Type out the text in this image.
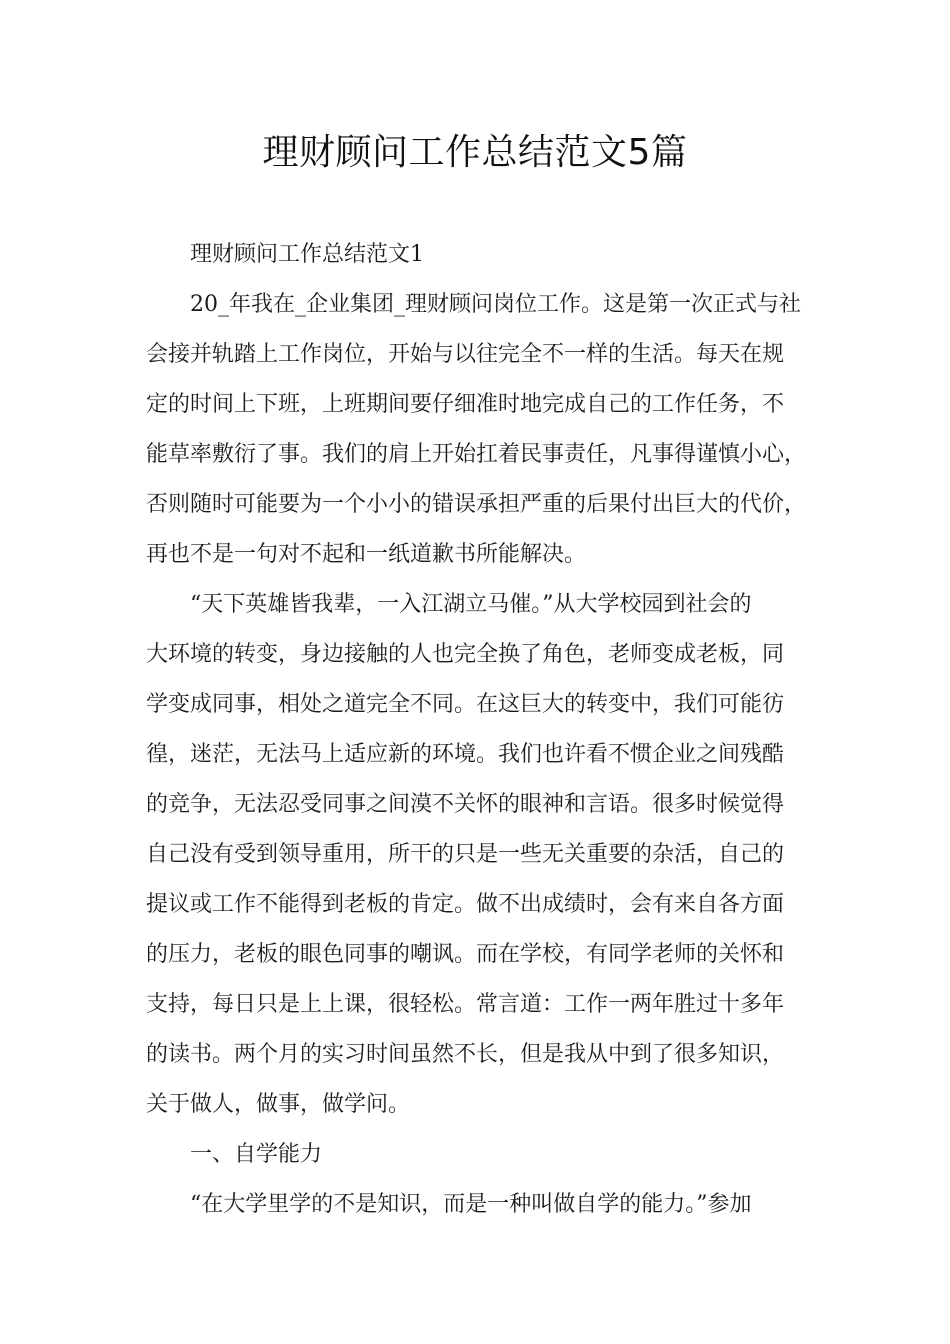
理财顾问工作总结范文5篇

理财顾问工作总结范文1

20_年我在_企业集团_理财顾问岗位工作。这是第一次正式与社
会接并轨踏上工作岗位，开始与以往完全不一样的生活。每天在规
定的时间上下班，上班期间要仔细准时地完成自己的工作任务，不
能草率敷衍了事。我们的肩上开始扛着民事责任，凡事得谨慎小心，
否则随时可能要为一个小小的错误承担严重的后果付出巨大的代价，
再也不是一句对不起和一纸道歉书所能解决。

“天下英雄皆我辈，一入江湖立马催。”从大学校园到社会的
大环境的转变，身边接触的人也完全换了角色，老师变成老板，同
学变成同事，相处之道完全不同。在这巨大的转变中，我们可能彷
徨，迷茫，无法马上适应新的环境。我们也许看不惯企业之间残酷
的竞争，无法忍受同事之间漠不关怀的眼神和言语。很多时候觉得
自己没有受到领导重用，所干的只是一些无关重要的杂活，自己的
提议或工作不能得到老板的肯定。做不出成绩时，会有来自各方面
的压力，老板的眼色同事的嘲讽。而在学校，有同学老师的关怀和
支持，每日只是上上课，很轻松。常言道：工作一两年胜过十多年
的读书。两个月的实习时间虽然不长，但是我从中到了很多知识，
关于做人，做事，做学问。

一、自学能力

“在大学里学的不是知识，而是一种叫做自学的能力。”参加
